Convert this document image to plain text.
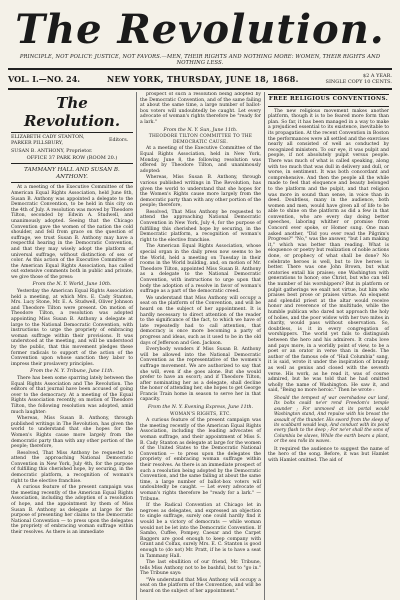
The Revolution.
PRINCIPLE, NOT POLICY: JUSTICE, NOT FAVORS.—MEN, THEIR RIGHTS AND NOTHING MORE: WOMEN, THEIR RIGHTS AND NOTHING LESS.
VOL. I.—NO. 24.	NEW YORK, THURSDAY, JUNE 18, 1868.	$2 A YEAR.
SINGLE COPY 10 CENTS.
The Revolution.
ELIZABETH CADY STANTON,
PARKER PILLSBURY,
Editors.
SUSAN B. ANTHONY, Proprietor.
OFFICE 37 PARK ROW (ROOM 20.)
TAMMANY HALL AND SUSAN B. ANTHONY.

At a meeting of the Executive Committee of the American Equal Rights Association, held June 8th, Susan B. Anthony was appointed a delegate to the Democratic Convention, to be held in this city on the 4th of July. A resolution was moved by Theodore Tilton, seconded by Edwin A. Studwell, and unanimously adopted. Seeing that the Chicago Convention gave the women of the nation the cold shoulder, and fell from grace on the question of suffrage, we trust Susan B. Anthony may have a respectful hearing in the Democratic Convention, and that they may wisely adopt the platform of universal suffrage, without distinction of sex or color. As this action of the Executive Committee of the American Equal Rights Association, has called out extensive comments both in public and private, we give those of the press:

From the N. Y. World, June 10th.

Yesterday the American Equal Rights Association held a meeting, at which Mrs. E. Cady Stanton, Mrs. Lucy Stone, Mr. E. A. Studwell, Oliver Johnson and Theodore Tilton were present. On motion of Theodore Tilton, a resolution was adopted appointing Miss Susan B. Anthony a delegate at large to the National Democratic Convention, with instructions to urge the propriety of embracing woman suffrage within their provisions. It was understood at the meeting, and will be understood by the public, that this movement pledges these former radicals to support of the action of the Convention upon whose sanction they labor to impress their proslavery principles.

From the N. Y. Tribune, June 11th.

There has been some sparring lately between the Equal Rights Association and The Revolution. The editors of that journal have been accused of going over to the democracy. At a meeting of the Equal Rights Association recently, on motion of Theodore Tilton, the following resolution was adopted, amid much laughter:

Whereas, Miss Susan B. Anthony, through published writings in The Revolution, has given the world to understand that she hopes for the Women's Rights cause more largely from the democratic party than with any other portion of the people; therefore,

Resolved, That Miss Anthony be requested to attend the approaching National Democratic Convention in New York, July 4th, for the purpose of fulfilling this cherished hope, by securing, in the democratic platform, a recognition of woman's right to the elective franchise.

A curious feature of the present campaign was the meeting recently of the American Equal Rights Association, including the adoption of a resolution of hope, and the appointment by them of Miss Susan B. Anthony as delegate at large for the purpose of presenting her claims to the Democratic National Convention — to press upon the delegates the propriety of embracing woman suffrage within their resolves. As there is an immediate

prospect of such a resolution being adopted by the Democratic Convention, and of the same failing at about the same time, a large number of ballot-box voters will undoubtedly be caught. Let every advocate of woman's rights therefore be "ready for a lark."

From the N. Y. Sun, June 11th.
THEODORE TILTON COMMITTEE TO THE DEMOCRATIC CAUSE.

At a meeting of the Executive Committee of the Equal Rights Association, held in New York, Monday, June 8, the following resolution was offered by Theodore Tilton, and unanimously adopted:

Whereas, Miss Susan B. Anthony, through various published writings in The Revolution, has given the world to understand that she hopes for the Women's Rights cause more largely from the democratic party than with any other portion of the people; therefore,

Resolved, That Miss Anthony be requested to attend the approaching National Democratic Convention in New York, July 4, for the purpose of fulfilling this cherished hope by securing, in the Democratic platform, a recognition of woman's right to the elective franchise.

The American Equal Rights Association, whose special organ in the daily press now seems to be the World, held a meeting on Tuesday in their rooms in the World building, and, on motion of Mr. Theodore Tilton, appointed Miss Susan B. Anthony as a delegate to the National Democratic Convention, with instructions to urge upon that body the adoption of a resolve in favor of woman's suffrage as a part of the democratic creed.

We understand that Miss Anthony will occupy a seat on the platform of the Convention, and will be heard on the subject of her appointment. It is hardly necessary to direct attention of the reader to the significance of the fact, to which we have of late repeatedly had to call attention, that democracy is once more becoming a party of progress and ideas, such as it used to be in the old days of Jefferson and Gen. Jackson.

Everybody wonders if Miss Susan B. Anthony will be allowed into the National Democratic Convention as the representative of the women's suffrage movement. We are authorized to say that she will, even if she goes alone. But she would prefer to have an escort; and if Theodore Tilton, after nominating her as a delegate, shall decline the honor of attending her, she hopes to get George Francis Train home in season to serve her in that capacity.

From the N. Y. Evening Express, June 11th.
WOMAN'S RIGHTS, ETC.

A curious feature of the present campaign was the meeting recently of the American Equal Rights Association, including the leading advocates of woman suffrage, and their appointment of Miss S. B. Cady Stanton as delegate at large for the women of the United States to the Democratic National Convention — to press upon the delegates the propriety of embracing woman suffrage within their resolves. As there is an immediate prospect of such a resolution being adopted by the Democratic Convention, and the same failing at about the same time, a large number of ballot-box voters will undoubtedly be caught. — Let every advocate of woman's rights therefore be "ready for a lark." — Tribune.

If the Radical Convention at Chicago let in negroes as delegates, and expressed an objection to single suffrage, surely one could hardly find it would be a victory of democrats — while woman would not be let into the Democratic Convention. If Sambo, Cuffee, Pompey, Caesar and the Carpet Baggers are good enough to keep company with Grant and Colfax, surely Mrs. E. C. Stanton is good enough to (do not) Mr. Pratt, if he is to have a seat in Tammany Hall.

The last ebullition of our friend, Mr. Tribune, tells Miss Anthony not to be bashful, but to "go in." The Tribune says:

"We understand that Miss Anthony will occupy a seat on the platform of the Convention, and will be heard on the subject of her appointment."

FREE RELIGIOUS CONVENTIONS.

The new religious movement makes another platform, though it is to be feared more form than plan. So far, it has been managed in a way to make a prejudiced essential to its existence, inevitable to its propagation. At the recent Convention in Boston the performances were all settled and the exercises nearly all consisted of well as conducted by recognized ministers. To our eye, it was pulpit and people, if not absolutely pulpit versus people. There was much of what is called speaking, along with too much that was dull in delivery and dull, or worse, in sentiment. It was both concordant and comprehensive. And then the people all the while made to feel that eloquence and beauty belonged to the platform and the pulpit, and that religion was more in sound than sense, in voice than in deed. Doubtless, many in the audience, both women and men, would have given all of life to be able to shine on the platform as did a few in that convention, who are every day doing better speeches, laboring whither or promise from Concord ever spoke, or Homer sung. One man asked another, "Did you ever read the Pilgrim's Progress?" "No," was the answer, "but I am making it," which was better than reading. What is eloquence or poetry but realization of noble actions done, or prophecy of what shall be done? No celebrate heroes is well, but to live heroes is better. There was one John Brown, but what oratories entail his praises; one Washington with generations to honor; one Christ, but who can tell the number of his worshippers? But in platform or pulpit gatherings we exalt not virtue, but him who praises best prose or praises virtue. An eloquent and splendid priest at the altar would receive honor and reverence of the multitude, while the humble publican who dared not approach the holy of holies, and the poor widow with her two mites in charity, would pass without observation. So, doubtless, is it in every congregation of worshippers. The world yet fails to distinguish between the hero and his admirers. It crabs love and pays more, in a worldly point of view, to be a poet or an orator in verse than in deeds. The author of the famous ode of "Hail Columbia" sang, it is said, wrote it under the inspiration of brandy as well as genius and closed with the seventh verse. His work, as he read it, was of course admired, but he was told that he had omitted wholly the name of Washington. He saw it, and said, "Being no more heroic." Then he wrote :

Should the tempest of war overshadow our land, Its bolts could ne'er rend Freedom's temple asunder ; For unmoved at its portal would Washington stand, And repulse with his breast the assault of the thunder. His sword from the sleep of its scabbard would leap, And conduct with its point every flash to the deep ; For ne'er shall the sons of Columbia be slaves, While the earth bears a plant, or the sea rolls its waves.

It required the audience to suggest the name of the hero of the song. Before, it was but Hamlet with Hamlet omitted. The aid of
